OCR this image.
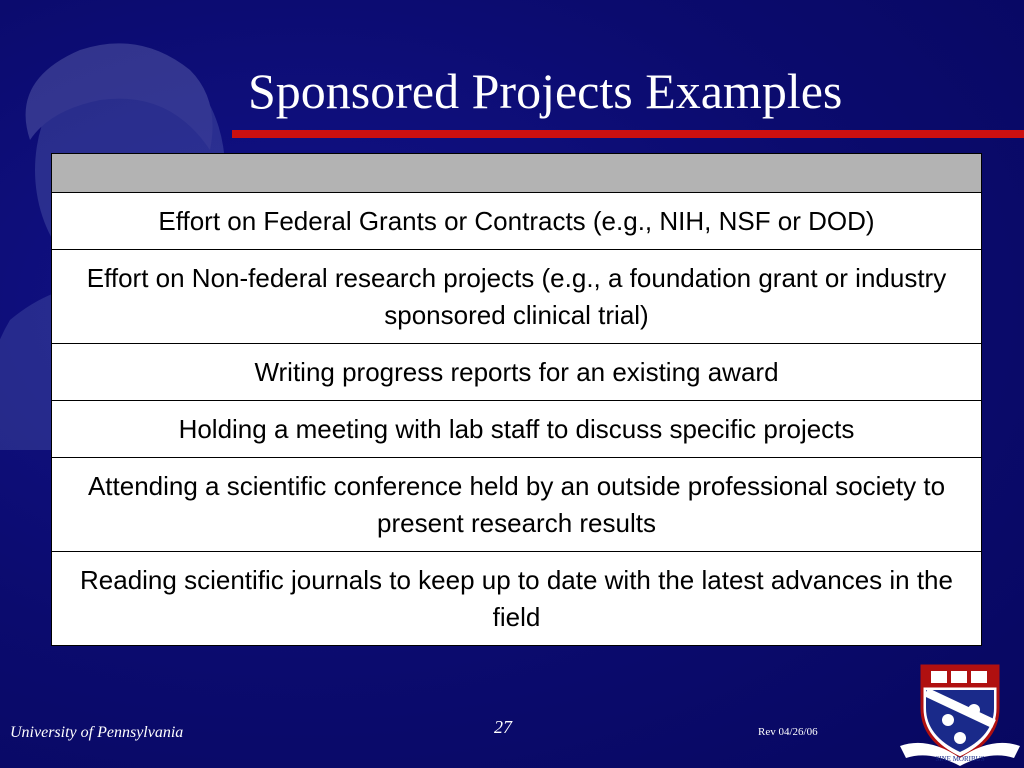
Sponsored Projects Examples

Effort on Federal Grants or Contracts (e.g., NIH, NSF or DOD)
Effort on Non-federal research projects (e.g., a foundation grant or industry sponsored clinical trial)
Writing progress reports for an existing award
Holding a meeting with lab staff to discuss specific projects
Attending a scientific conference held by an outside professional society to present research results
Reading scientific journals to keep up to date with the latest advances in the field
University of Pennsylvania	27	Rev 04/26/06
SINE MORIBUS
